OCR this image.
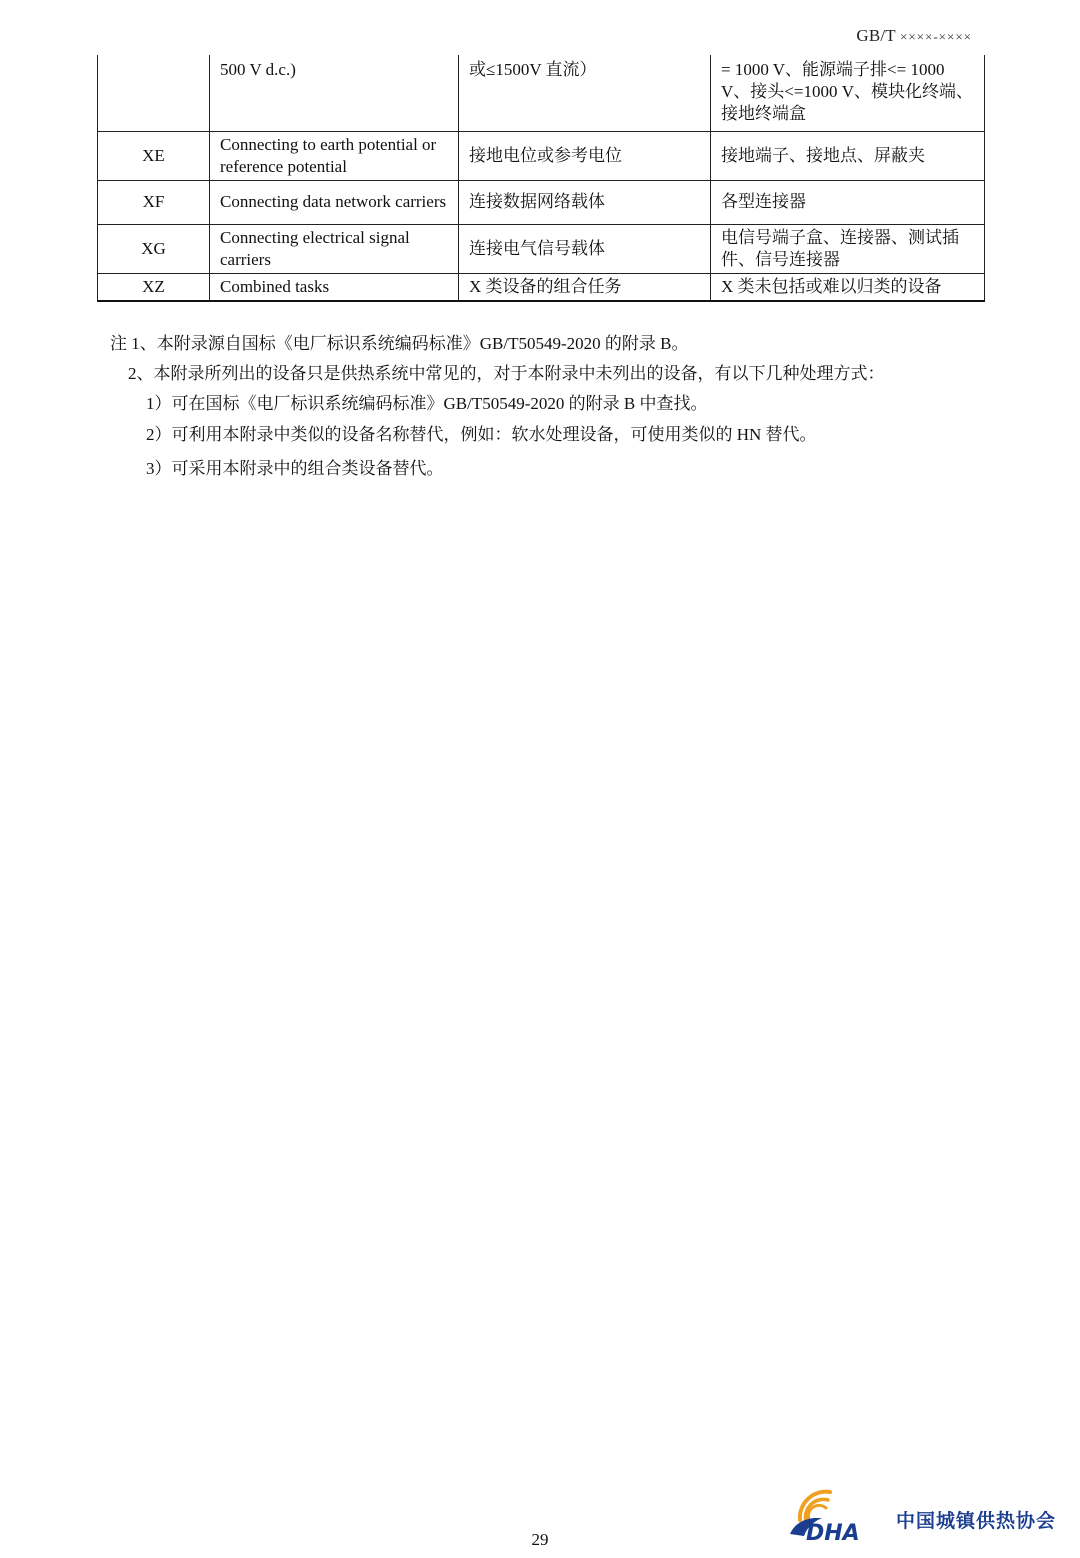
GB/T ××××-××××
	500 V d.c.)	或≤1500V 直流）	= 1000 V、能源端子排<= 1000 V、接头<=1000 V、模块化终端、接地终端盒
XE	Connecting to earth potential or reference potential	接地电位或参考电位	接地端子、接地点、屏蔽夹
XF	Connecting data network carriers	连接数据网络载体	各型连接器
XG	Connecting electrical signal carriers	连接电气信号载体	电信号端子盒、连接器、测试插件、信号连接器
XZ	Combined tasks	X 类设备的组合任务	X 类未包括或难以归类的设备
注 1、本附录源自国标《电厂标识系统编码标准》GB/T50549-2020 的附录 B。
2、本附录所列出的设备只是供热系统中常见的，对于本附录中未列出的设备，有以下几种处理方式：
1）可在国标《电厂标识系统编码标准》GB/T50549-2020 的附录 B 中查找。
2）可利用本附录中类似的设备名称替代，例如：软水处理设备，可使用类似的 HN 替代。
3）可采用本附录中的组合类设备替代。
29	DHA 中国城镇供热协会
